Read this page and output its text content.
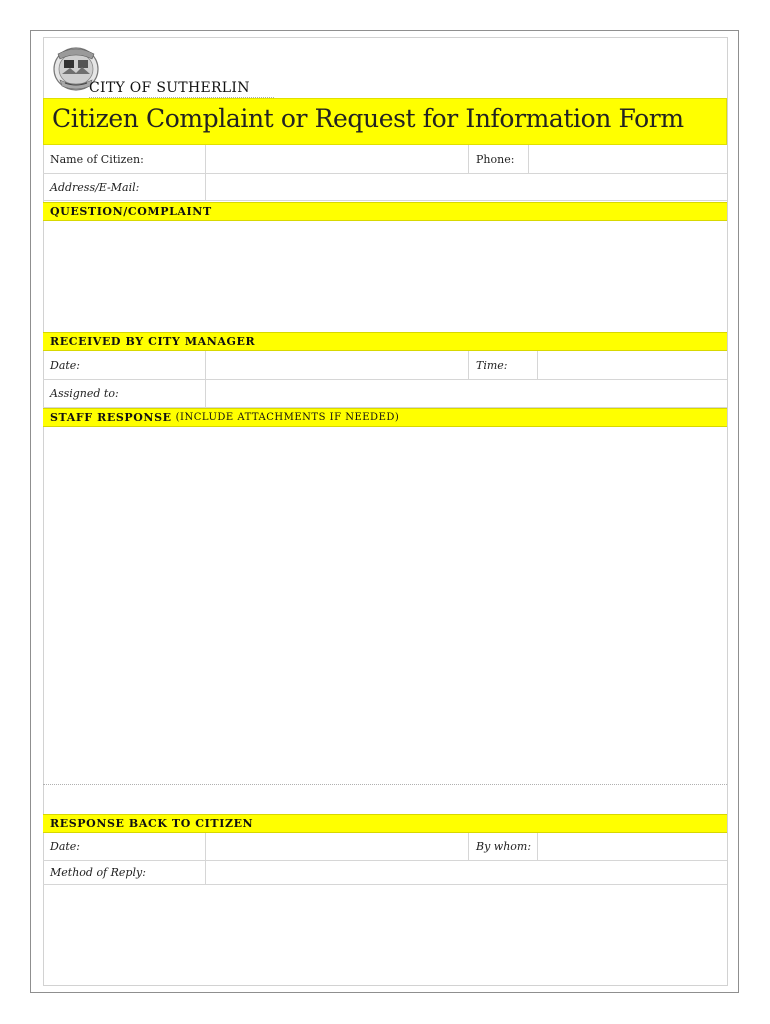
CITY OF SUTHERLIN
Citizen Complaint or Request for Information Form
Name of Citizen:	Phone:
Address/E-Mail:
QUESTION/COMPLAINT
RECEIVED BY CITY MANAGER
Date:	Time:
Assigned to:
STAFF RESPONSE (INCLUDE ATTACHMENTS IF NEEDED)
RESPONSE BACK TO CITIZEN
Date:	By whom:
Method of Reply:
